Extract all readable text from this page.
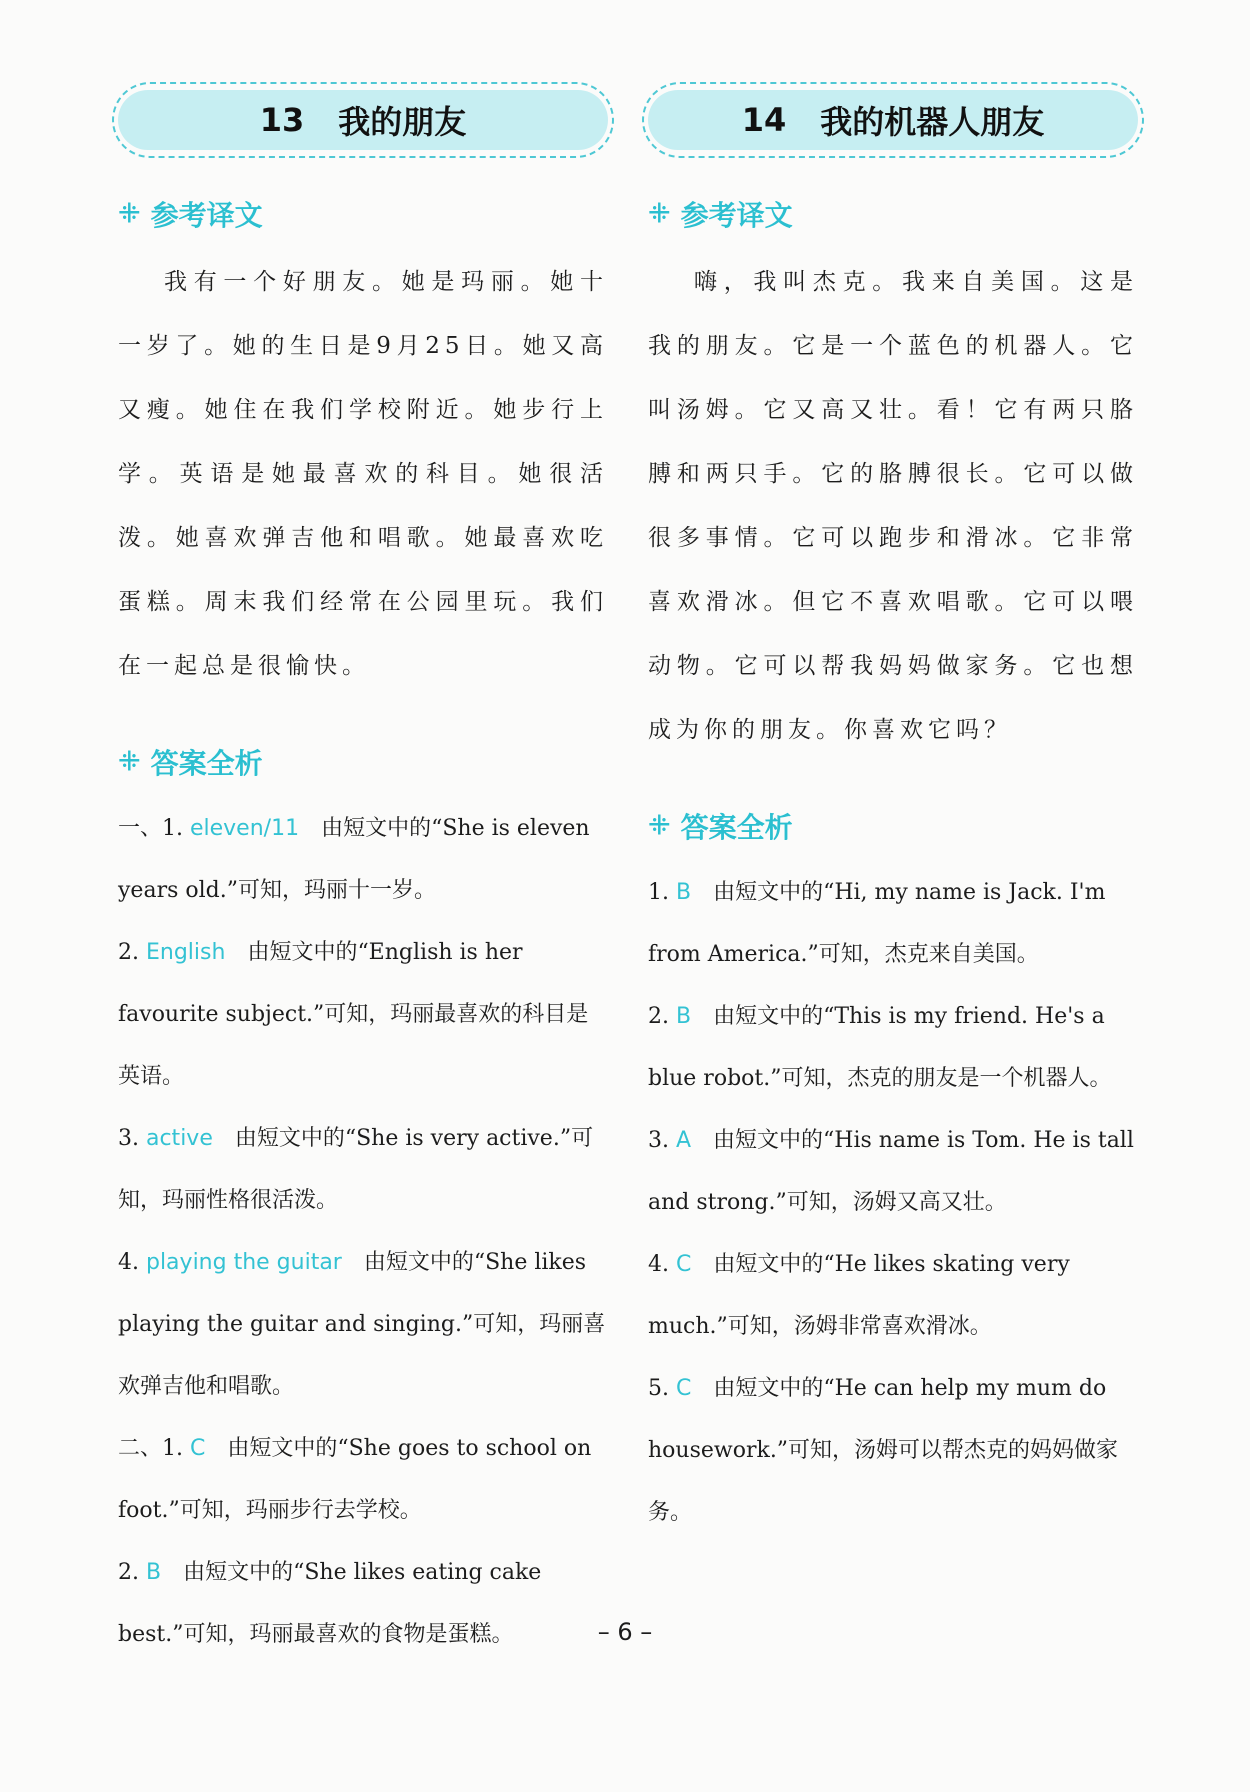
13 我的朋友
ꔰ 参考译文

我有一个好朋友。她是玛丽。她十一岁了。她的生日是9月25日。她又高又瘦。她住在我们学校附近。她步行上学。英语是她最喜欢的科目。她很活泼。她喜欢弹吉他和唱歌。她最喜欢吃蛋糕。周末我们经常在公园里玩。我们在一起总是很愉快。

ꔰ 答案全析

一、1. eleven/11 由短文中的“She is eleven years old.”可知，玛丽十一岁。

2. English 由短文中的“English is her favourite subject.”可知，玛丽最喜欢的科目是英语。

3. active 由短文中的“She is very active.”可知，玛丽性格很活泼。

4. playing the guitar 由短文中的“She likes playing the guitar and singing.”可知，玛丽喜欢弹吉他和唱歌。

二、1. C 由短文中的“She goes to school on foot.”可知，玛丽步行去学校。

2. B 由短文中的“She likes eating cake best.”可知，玛丽最喜欢的食物是蛋糕。

14 我的机器人朋友
ꔰ 参考译文

嗨，我叫杰克。我来自美国。这是我的朋友。它是一个蓝色的机器人。它叫汤姆。它又高又壮。看！它有两只胳膊和两只手。它的胳膊很长。它可以做很多事情。它可以跑步和滑冰。它非常喜欢滑冰。但它不喜欢唱歌。它可以喂动物。它可以帮我妈妈做家务。它也想成为你的朋友。你喜欢它吗？

ꔰ 答案全析

1. B 由短文中的“Hi, my name is Jack. I'm from America.”可知，杰克来自美国。

2. B 由短文中的“This is my friend. He's a blue robot.”可知，杰克的朋友是一个机器人。

3. A 由短文中的“His name is Tom. He is tall and strong.”可知，汤姆又高又壮。

4. C 由短文中的“He likes skating very much.”可知，汤姆非常喜欢滑冰。

5. C 由短文中的“He can help my mum do housework.”可知，汤姆可以帮杰克的妈妈做家务。

– 6 –
